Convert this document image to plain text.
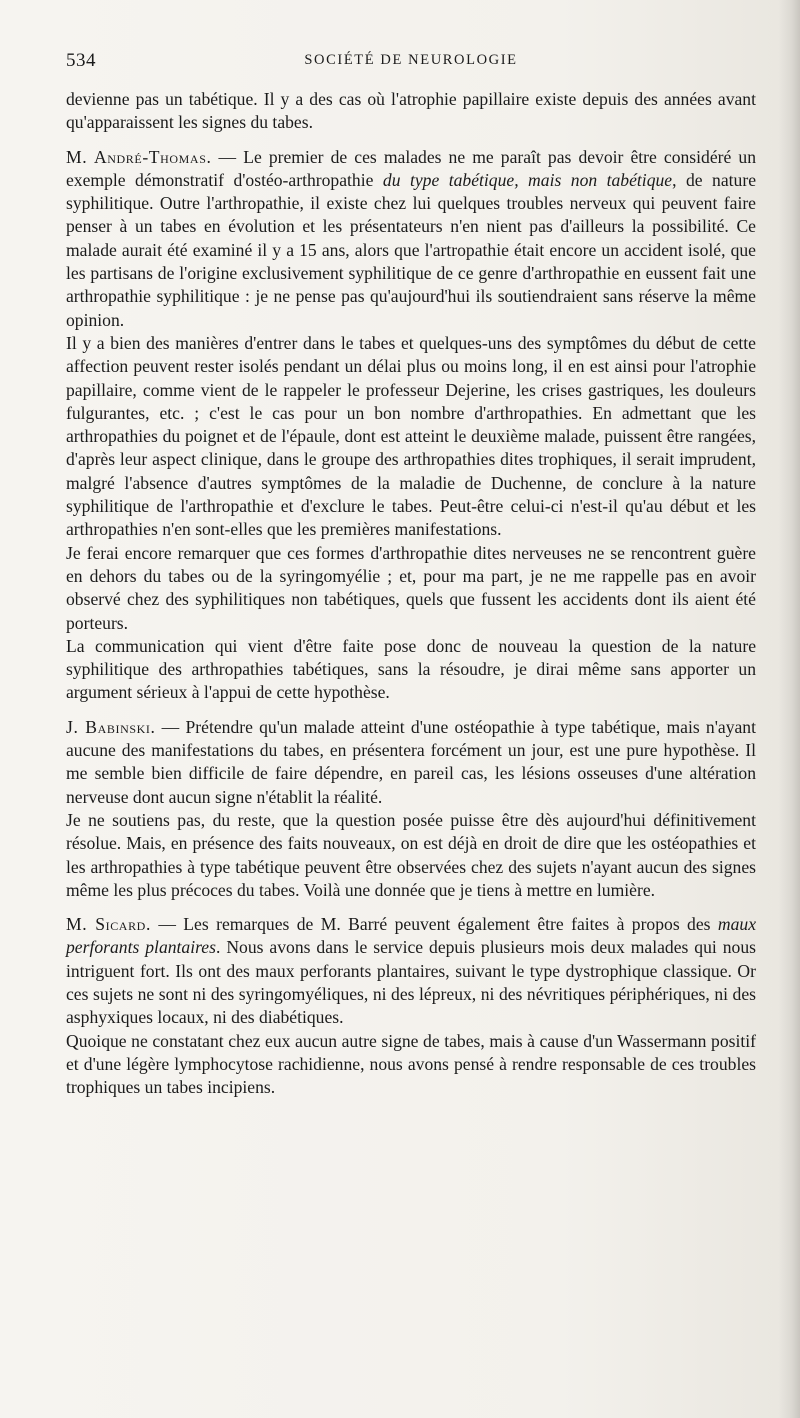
534	SOCIÉTÉ DE NEUROLOGIE

devienne pas un tabétique. Il y a des cas où l'atrophie papillaire existe depuis des années avant qu'apparaissent les signes du tabes.

M. André-Thomas. — Le premier de ces malades ne me paraît pas devoir être considéré un exemple démonstratif d'ostéo-arthropathie du type tabétique, mais non tabétique, de nature syphilitique. Outre l'arthropathie, il existe chez lui quelques troubles nerveux qui peuvent faire penser à un tabes en évolution et les présentateurs n'en nient pas d'ailleurs la possibilité. Ce malade aurait été examiné il y a 15 ans, alors que l'artropathie était encore un accident isolé, que les partisans de l'origine exclusivement syphilitique de ce genre d'arthropathie en eussent fait une arthropathie syphilitique : je ne pense pas qu'aujourd'hui ils soutiendraient sans réserve la même opinion.

Il y a bien des manières d'entrer dans le tabes et quelques-uns des symptômes du début de cette affection peuvent rester isolés pendant un délai plus ou moins long, il en est ainsi pour l'atrophie papillaire, comme vient de le rappeler le professeur Dejerine, les crises gastriques, les douleurs fulgurantes, etc. ; c'est le cas pour un bon nombre d'arthropathies. En admettant que les arthropathies du poignet et de l'épaule, dont est atteint le deuxième malade, puissent être rangées, d'après leur aspect clinique, dans le groupe des arthropathies dites trophiques, il serait imprudent, malgré l'absence d'autres symptômes de la maladie de Duchenne, de conclure à la nature syphilitique de l'arthropathie et d'exclure le tabes. Peut-être celui-ci n'est-il qu'au début et les arthropathies n'en sont-elles que les premières manifestations.

Je ferai encore remarquer que ces formes d'arthropathie dites nerveuses ne se rencontrent guère en dehors du tabes ou de la syringomyélie ; et, pour ma part, je ne me rappelle pas en avoir observé chez des syphilitiques non tabétiques, quels que fussent les accidents dont ils aient été porteurs.

La communication qui vient d'être faite pose donc de nouveau la question de la nature syphilitique des arthropathies tabétiques, sans la résoudre, je dirai même sans apporter un argument sérieux à l'appui de cette hypothèse.

J. Babinski. — Prétendre qu'un malade atteint d'une ostéopathie à type tabétique, mais n'ayant aucune des manifestations du tabes, en présentera forcément un jour, est une pure hypothèse. Il me semble bien difficile de faire dépendre, en pareil cas, les lésions osseuses d'une altération nerveuse dont aucun signe n'établit la réalité.

Je ne soutiens pas, du reste, que la question posée puisse être dès aujourd'hui définitivement résolue. Mais, en présence des faits nouveaux, on est déjà en droit de dire que les ostéopathies et les arthropathies à type tabétique peuvent être observées chez des sujets n'ayant aucun des signes même les plus précoces du tabes. Voilà une donnée que je tiens à mettre en lumière.

M. Sicard. — Les remarques de M. Barré peuvent également être faites à propos des maux perforants plantaires. Nous avons dans le service depuis plusieurs mois deux malades qui nous intriguent fort. Ils ont des maux perforants plantaires, suivant le type dystrophique classique. Or ces sujets ne sont ni des syringomyéliques, ni des lépreux, ni des névritiques périphériques, ni des asphyxiques locaux, ni des diabétiques.

Quoique ne constatant chez eux aucun autre signe de tabes, mais à cause d'un Wassermann positif et d'une légère lymphocytose rachidienne, nous avons pensé à rendre responsable de ces troubles trophiques un tabes incipiens.
